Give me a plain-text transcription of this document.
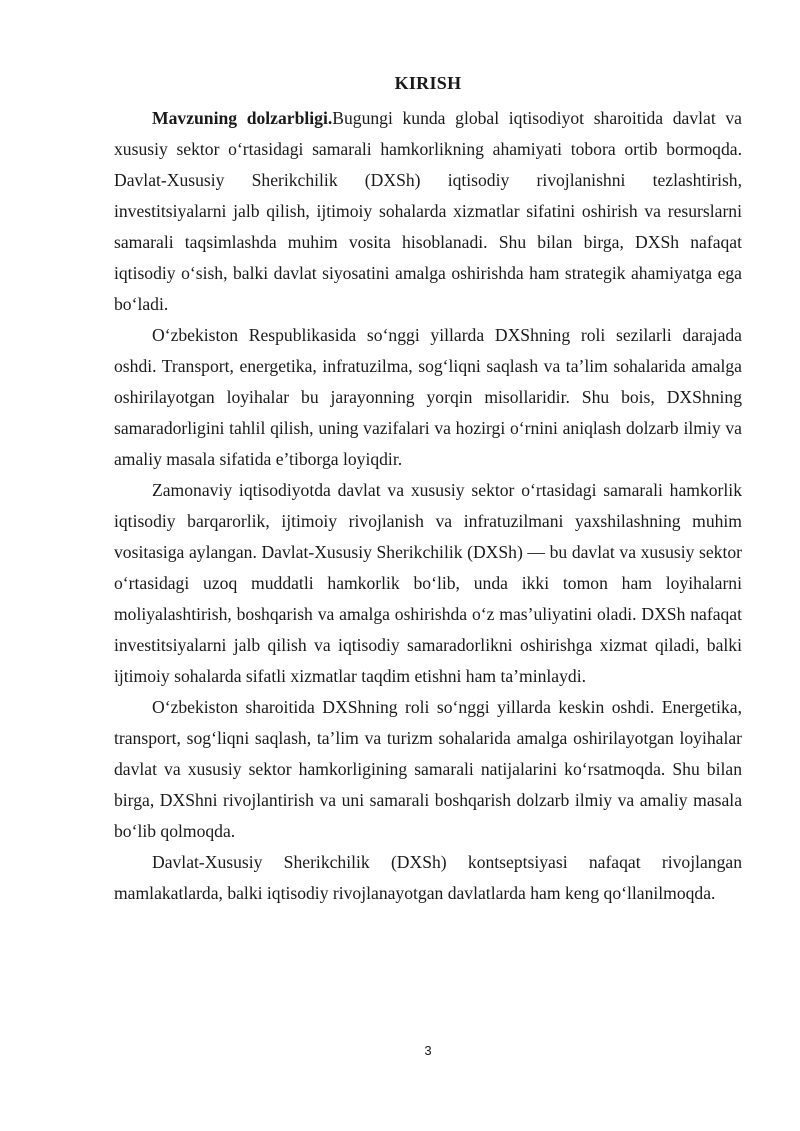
KIRISH

Mavzuning dolzarbligi.Bugungi kunda global iqtisodiyot sharoitida davlat va xususiy sektor o‘rtasidagi samarali hamkorlikning ahamiyati tobora ortib bormoqda. Davlat-Xususiy Sherikchilik (DXSh) iqtisodiy rivojlanishni tezlashtirish, investitsiyalarni jalb qilish, ijtimoiy sohalarda xizmatlar sifatini oshirish va resurslarni samarali taqsimlashda muhim vosita hisoblanadi. Shu bilan birga, DXSh nafaqat iqtisodiy o‘sish, balki davlat siyosatini amalga oshirishda ham strategik ahamiyatga ega bo‘ladi.

O‘zbekiston Respublikasida so‘nggi yillarda DXShning roli sezilarli darajada oshdi. Transport, energetika, infratuzilma, sog‘liqni saqlash va ta’lim sohalarida amalga oshirilayotgan loyihalar bu jarayonning yorqin misollaridir. Shu bois, DXShning samaradorligini tahlil qilish, uning vazifalari va hozirgi o‘rnini aniqlash dolzarb ilmiy va amaliy masala sifatida e’tiborga loyiqdir.

Zamonaviy iqtisodiyotda davlat va xususiy sektor o‘rtasidagi samarali hamkorlik iqtisodiy barqarorlik, ijtimoiy rivojlanish va infratuzilmani yaxshilashning muhim vositasiga aylangan. Davlat-Xususiy Sherikchilik (DXSh) — bu davlat va xususiy sektor o‘rtasidagi uzoq muddatli hamkorlik bo‘lib, unda ikki tomon ham loyihalarni moliyalashtirish, boshqarish va amalga oshirishda o‘z mas’uliyatini oladi. DXSh nafaqat investitsiyalarni jalb qilish va iqtisodiy samaradorlikni oshirishga xizmat qiladi, balki ijtimoiy sohalarda sifatli xizmatlar taqdim etishni ham ta’minlaydi.

O‘zbekiston sharoitida DXShning roli so‘nggi yillarda keskin oshdi. Energetika, transport, sog‘liqni saqlash, ta’lim va turizm sohalarida amalga oshirilayotgan loyihalar davlat va xususiy sektor hamkorligining samarali natijalarini ko‘rsatmoqda. Shu bilan birga, DXShni rivojlantirish va uni samarali boshqarish dolzarb ilmiy va amaliy masala bo‘lib qolmoqda.

Davlat-Xususiy Sherikchilik (DXSh) kontseptsiyasi nafaqat rivojlangan mamlakatlarda, balki iqtisodiy rivojlanayotgan davlatlarda ham keng qo‘llanilmoqda.

3
